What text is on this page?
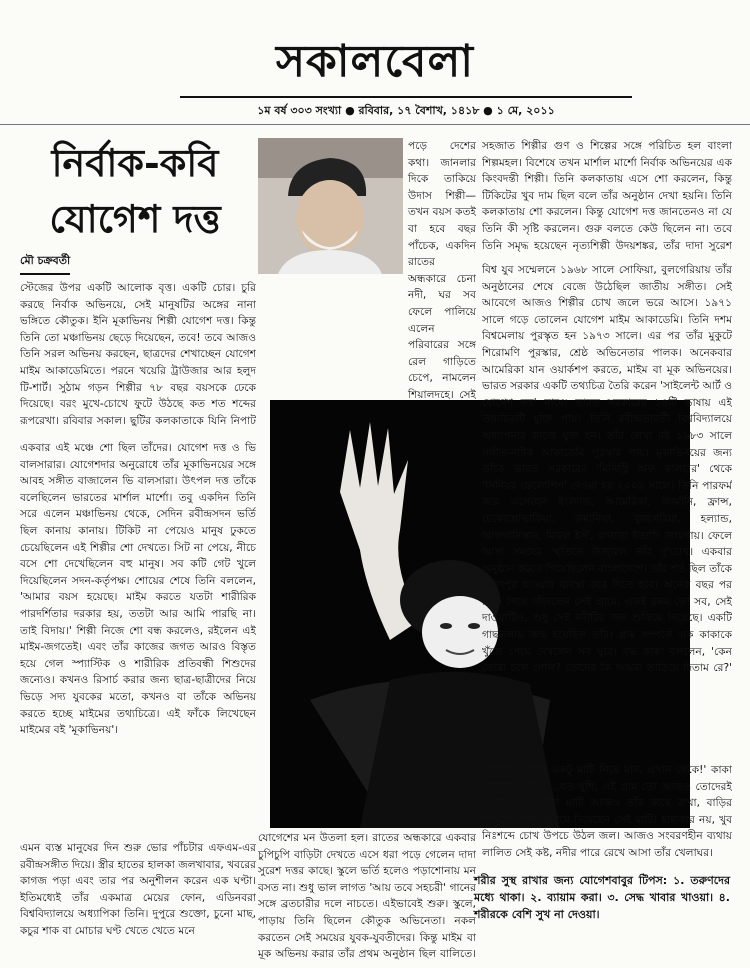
সকালবেলা
১ম বর্ষ ৩০৩ সংখ্যা ● রবিবার, ১৭ বৈশাখ, ১৪১৮ ● ১ মে, ২০১১
নির্বাক-কবি
যোগেশ দত্ত
মৌ চক্রবর্তী

স্টেজের উপর একটি আলোক বৃত্ত। একটি চোর। চুরি করছে নির্বাক অভিনয়ে, সেই মানুষটির অঙ্গের নানা ভঙ্গিতে কৌতুক। ইনি মূকাভিনয় শিল্পী যোগেশ দত্ত। কিন্তু তিনি তো মঞ্চাভিনয় ছেড়ে দিয়েছেন, তবে! তবে আজও তিনি সরল অভিনয় করছেন, ছাত্রদের শেখাচ্ছেন যোগেশ মাইম আকাডেমিতে। পরনে খয়েরি ট্রাউজার আর হলুদ টি-শার্ট। সুঠাম গড়ন শিল্পীর ৭৮ বছর বয়সকে ঢেকে দিয়েছে। বরং মুখে-চোখে ফুটে উঠছে কত শত শব্দের রূপরেখা। রবিবার সকাল। ছুটির কলকাতাকে যিনি নিপাট

একবার এই মঞ্চে শো ছিল তাঁদের। যোগেশ দত্ত ও ভি বালসারার। যোগেশদার অনুরোধে তাঁর মূকাভিনয়ের সঙ্গে আবহ সঙ্গীত বাজালেন ভি বালসারা। উৎপল দত্ত তাঁকে বলেছিলেন ভারতের মার্শাল মার্শো। তবু একদিন তিনি সরে এলেন মঞ্চাভিনয় থেকে, সেদিন রবীন্দ্রসদন ভর্তি ছিল কানায় কানায়। টিকিট না পেয়েও মানুষ ঢুকতে চেয়েছিলেন এই শিল্পীর শো দেখতে। সিট না পেয়ে, নীচে বসে শো দেখেছিলেন বহু মানুষ। সব কটি গেট খুলে দিয়েছিলেন সদন-কর্তৃপক্ষ। শোয়ের শেষে তিনি বললেন, 'আমার বয়স হয়েছে। মাইম করতে যতটা শারীরিক পারদর্শিতার দরকার হয়, ততটা আর আমি পারছি না। তাই বিদায়।' শিল্পী নিজে শো বন্ধ করলেও, রইলেন এই মাইম-জগতেই। এবং তাঁর কাজের জগত আরও বিস্তৃত হয়ে গেল স্প্যাস্টিক ও শারীরিক প্রতিবন্ধী শিশুদের জন্যেও। কখনও রিসার্চ করার জন্য ছাত্র-ছাত্রীদের নিয়ে ভিড়ে সদ্য যুবকের মতো, কখনও বা তাঁকে অভিনয় করতে হচ্ছে মাইমের তথ্যচিত্রে। এই ফাঁকে লিখেছেন মাইমের বই 'মূকাভিনয়'।

এমন ব্যস্ত মানুষের দিন শুরু ভোর পাঁচটার এফএম-এর রবীন্দ্রসঙ্গীত দিয়ে। স্ত্রীর হাতের হালকা জলখাবার, খবরের কাগজ পড়া এবং তার পর অনুশীলন করেন এক ঘণ্টা। ইতিমধ্যেই তাঁর একমাত্র মেয়ের ফোন, এডিনবরা বিশ্ববিদ্যালয়ে অধ্যাপিকা তিনি। দুপুরে শুক্তো, চুনো মাছ, কচুর শাক বা মোচার ঘণ্ট খেতে খেতে মনে

পড়ে দেশের কথা। জানলার দিকে তাকিয়ে উদাস শিল্পী—তখন বয়স কতই বা হবে বছর পাঁচেক, একদিন রাতের অন্ধকারে চেনা নদী, ঘর সব ফেলে পালিয়ে এলেন পরিবারের সঙ্গে রেল গাড়িতে চেপে, নামলেন শিয়ালদহে। সেই

যোগেশের মন উতলা হল। রাতের অন্ধকারে একবার চুপিচুপি বাড়িটা দেখতে এসে ধরা পড়ে গেলেন দাদা সুরেশ দত্তর কাছে। স্কুলে ভর্তি হলেও পড়াশোনায় মন বসত না। শুধু ভাল লাগত 'আয় তবে সহচরী' গানের সঙ্গে ব্রতচারীর দলে নাচতে। এইভাবেই শুরু। স্কুলে, পাড়ায় তিনি ছিলেন কৌতুক অভিনেতা। নকল করতেন সেই সময়ের যুবক-যুবতীদের। কিন্তু মাইম বা মূক অভিনয় করার তাঁর প্রথম অনুষ্ঠান ছিল বালিতে।

সহজাত শিল্পীর গুণ ও শিল্পের সঙ্গে পরিচিত হল বাংলা শিল্পমহল। বিশেষে তখন মার্শাল মার্শো নির্বাক অভিনয়ের এক কিংবদন্তী শিল্পী। তিনি কলকাতায় এসে শো করলেন, কিন্তু টিকিটের খুব দাম ছিল বলে তাঁর অনুষ্ঠান দেখা হয়নি। তিনি কলকাতায় শো করলেন। কিন্তু যোগেশ দত্ত জানতেনও না যে তিনি কী সৃষ্টি করলেন। গুরু বলতে কেউ ছিলেন না। তবে তিনি সমৃদ্ধ হয়েছেন নৃত্যশিল্পী উদয়শঙ্কর, তাঁর দাদা সুরেশ

বিশ্ব যুব সম্মেলনে ১৯৬৮ সালে সোফিয়া, বুলগেরিয়ায় তাঁর অনুষ্ঠানের শেষে বেজে উঠেছিল জাতীয় সঙ্গীত। সেই আবেগে আজও শিল্পীর চোখ জলে ভরে আসে। ১৯৭১ সালে গড়ে তোলেন যোগেশ মাইম আকাডেমি। তিনি দশম বিশ্বমেলায় পুরস্কৃত হন ১৯৭৩ সালে। এর পর তাঁর মুকুটে শিরোমণি পুরস্কার, শ্রেষ্ঠ অভিনেতার পালক। অনেকবার আমেরিকা যান ওয়ার্কশপ করতে, মাইম বা মূক অভিনয়ের। ভারত সরকার একটি তথ্যচিত্র তৈরি করেন 'সাইলেন্ট আর্ট ও যোগেশ দত্ত' নামে। ভারত সরকারের ১৪টি ভাষায় এই তথ্যচিত্রটি মুক্তি পায়। তিনি রবীন্দ্রভারতী বিশ্ববিদ্যালয়ে অধ্যাপনার কাজে যুক্ত হন। তাঁর লেখা বই ১৯৮৩ সালে সঙ্গীত-নাটক আকাডেমি পুরস্কার পায়। মূকাভিনয়ের জন্য তাঁকে ভারত সরকারের 'মিনিস্ট্রি অফ কালচার' থেকে 'সিনিয়র ফেলোশিপ' দেওয়া হয় ২০০৯ সালে। তিনি পারফর্ম করে এসেছেন ইংল্যান্ড, আমেরিকা, জার্মানি, ফ্রান্স, চেকোশ্লোভাকিয়া, রুমানিয়া, বুলগেরিয়া, হল্যান্ড, আফগানিস্তান, মিডল ইস্ট, কানাডা ইত্যাদি জায়গায়। ফেলে আসা সময়ের স্মৃতিতে উজ্জ্বল তাঁর দু'চোখ। একবার অনুষ্ঠান করতে গিয়েছিলেন বাংলাদেশে। তাঁর শর্ত ছিল তাঁকে ফরিদপুর যাওয়ার ব্যবস্থা করে দিতে হবে। অনেক বছর পর তিনি গিয়ে দাঁড়ালেন সেই গ্রামে, একই রকম তো সব, সেই দাওয়াটিও, শুধু সেই নদীটির জল শুকিয়ে গিয়েছে। একটি গাছতলায় জন্ম হয়েছিল তাঁর। গ্রাম সম্পর্কে এক কাকাকে খুঁজে পেয়ে দেখলেন সব ঘুরে। বৃদ্ধ কাকা বললেন, 'কেন তোরা চলে গেলি? তোদের কি আমরা তাড়িয়ে দিতাম রে?'

বললেন, 'কাকা একটু মাটি নিয়ে যাব, এখান থেকে!' কাকা বললেন, 'নে না...যত খুশি, এই গ্রাম তো আজও তোদেরই আছে।' এক মুঠো মাটি আজও তাঁর কাছে রাখা, বাড়ির জমিতে তিনি মিশিয়ে দিয়েছেন সেই মাটি। হাহাকার নয়, খুব নিঃশব্দে চোখ উপচে উঠল জল। আজও সংবরণহীন ব্যথায় লালিত সেই কষ্ট, নদীর পারে রেখে আসা তাঁর খেলাঘর।

শরীর সুস্থ রাখার জন্য যোগেশবাবুর টিপস: ১. তরুণদের মধ্যে থাকা। ২. ব্যায়াম করা। ৩. সেদ্ধ খাবার খাওয়া। ৪. শরীরকে বেশি সুখ না দেওয়া।
